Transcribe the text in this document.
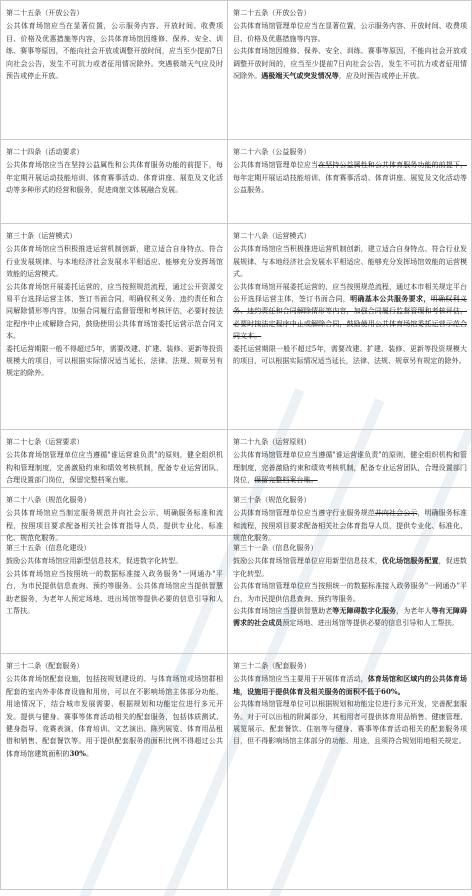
第二十五条（开放公告）
公共体育场馆应当在显著位置，公示服务内容、开放时间、收费项目、价格及优惠措施等内容，公共体育场馆因维修、保养、安全、训练、赛事等原因，不能向社会开放或调整开放时间，应当至少提前7日向社会公告，发生不可抗力或者征用情况除外。突遇极端天气应及时预告或停止开放。
第二十五条（开放公告）
公共体育场馆管理单位应当在显著位置，公示服务内容、开放时间、收费项目、价格及优惠措施等内容。
公共体育场馆因维修、保养、安全、训练、赛事等原因，不能向社会开放或调整开放时间的，应当至少提前7日向社会公告，发生不可抗力或者征用情况除外。遇极端天气或突发情况等，应及时预告或停止开放。
第二十四条（活动要求）
公共体育场馆应当在坚持公益属性和公共体育服务功能的前提下，每年定期开展运动技能培训、体育赛事活动、体育讲座、展览及文化活动等多种形式的经营和服务，促进商旅文体展融合发展。
第二十六条（公益服务）
公共体育场馆管理单位应当在坚持公益属性和公共体育服务功能的前提下，每年定期开展运动技能培训、体育赛事活动、体育讲座、展览及文化活动等公益服务。
第三十条（运营模式）
公共体育场馆应当积极推进运营机制创新，建立适合自身特点、符合行业发展规律、与本地经济社会发展水平相适应、能够充分发挥场馆效能的运营模式。
公共体育场馆开展委托运营的，应当按照规范流程，通过公开资源交易平台选择运营主体，签订书面合同，明确权利义务、违约责任和合同解除情形等内容，加强合同履行监督管理和考核评估，必要时按法定程序中止或解除合同，鼓励使用公共体育场馆委托运营示范合同文本。
委托运营期限一般不得超过5年，需要改建、扩建、装修、更新等投资规模大的项目，可以根据实际情况适当延长，法律、法规、规章另有规定的除外。
第二十八条（运营模式）
公共体育场馆应当积极推进运营机制创新，建立适合自身特点、符合行业发展规律、与本地经济社会发展水平相适应、能够充分发挥场馆效能的运营模式。
公共体育场馆开展委托运营的，应当按照规范流程，通过本市相关规定平台公开选择运营主体，签订书面合同，明确基本公共服务要求，明确权利义务、违约责任和合同解除情形等内容，加强合同履行监督管理和考核评估，必要时按法定程序中止或解除合同，鼓励使用公共体育场馆委托运营示范合同文本。
委托运营期限一般不超过5年，需要改建、扩建、装修、更新等投资规模大的项目，可以根据实际情况适当延长，法律、法规、规章另有规定的除外。
第二十七条（运营要求）
公共体育场馆管理单位应当遵循"谁运营谁负责"的原则，健全组织机构和管理制度，完善激励约束和绩效考核机制，配备专业运营团队，合理设置部门岗位，保留完整档案台账。
第二十九条（运营原则）
公共体育场馆管理单位应当遵循"谁运营谁负责"的原则，健全组织机构和管理制度，完善激励约束和绩效考核机制，配备专业运营团队，合理设置部门岗位，保留完整档案台账。
第二十八条（规范化服务）
公共体育场馆应当制定服务规范并向社会公示，明确服务标准和流程，按照项目要求配备相关社会体育指导人员，提供专业化、标准化、规范化服务。
第三十条（规范化服务）
公共体育场馆管理单位应当遵守行业服务规范并向社会公示，明确服务标准和流程，按照项目要求配备相关社会体育指导人员，提供专业化、标准化、规范化服务。
第三十五条（信息化建设）
鼓励公共体育场馆应用新型信息技术，促进数字化转型。
公共体育场馆应当按照统一的数据标准接入政务服务"一网通办"平台，为市民提供信息查询、预约等服务。公共体育场馆应当提供智慧助老服务，为老年人预定场地、进出场馆等提供必要的信息引导和人工帮扶。
第三十一条（信息化服务）
鼓励公共体育场馆管理单位应用新型信息技术，优化场馆服务配置，促进数字化转型。
公共体育场馆管理单位应当按照统一的数据标准接入政务服务"一网通办"平台，为市民提供信息查询、预约等服务。
公共体育场馆应当提供智慧助老等无障碍数字化服务，为老年人等有无障碍需求的社会成员预定场地、进出场馆等提供必要的信息引导和人工帮扶。
第三十二条（配套服务）
公共体育场馆配套设施，包括按规划建设的、与体育场馆或场馆群相配套的室内外非体育设施和用房，可以在不影响场馆主体部分功能、用途情况下，结合城市发展需要、根据规划和功能定位进行多元开发。提供与健身、赛事等体育活动相关的配套服务，包括体质测试、健身指导、竞赛表演、体育培训、文艺演出、陈列展览、体育用品租借和销售、配套餐饮等。用于提供配套服务的面积比例不得超过公共体育场馆建筑面积的30%。
第三十二条（配套服务）
公共体育场馆应当主要用于开展体育活动，体育场馆和区域内的公共体育场地，设施用于提供体育及相关服务的面积不低于60%。
公共体育场馆管理单位可以根据规划和功能定位进行多元开发，完善配套服务。对于可以出租的附属部分，其租用者可提供体育用品销售、健康管理、展览展示、配套餐饮、住宿等与健身、赛事等体育活动相关的配套服务项目，但不得影响场馆主体部分的功能、用途，且须符合规划用地相关规定。
